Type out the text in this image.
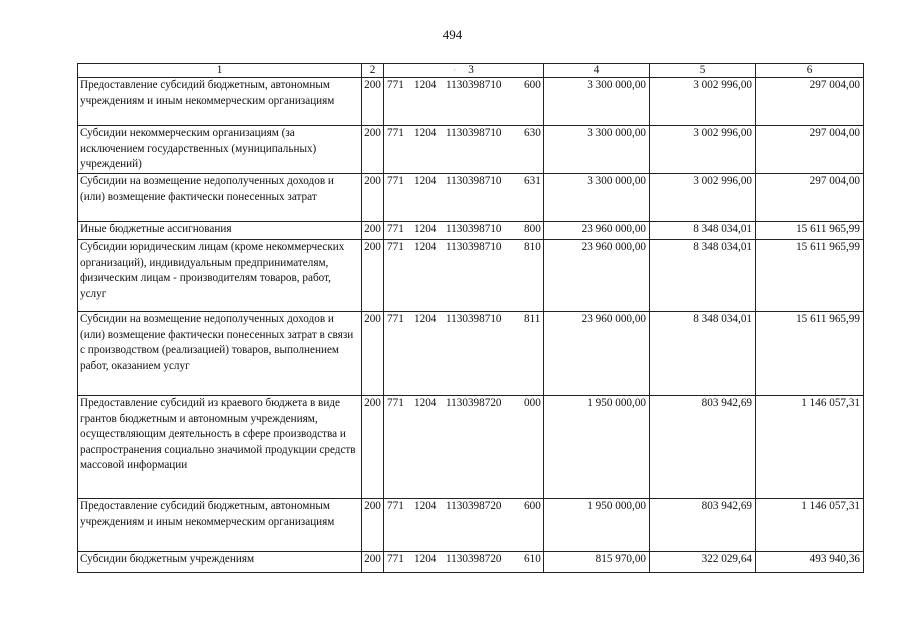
494
1	2	· 3	4	5	6
Предоставление субсидий бюджетным, автономным учреждениям и иным некоммерческим организациям	200	771 1204 1130398710 600	3 300 000,00	3 002 996,00	297 004,00
Субсидии некоммерческим организациям (за исключением государственных (муниципальных) учреждений)	200	771 1204 1130398710 630	3 300 000,00	3 002 996,00	297 004,00
Субсидии на возмещение недополученных доходов и (или) возмещение фактически понесенных затрат	200	771 1204 1130398710 631	3 300 000,00	3 002 996,00	297 004,00
Иные бюджетные ассигнования	200	771 1204 1130398710 800	23 960 000,00	8 348 034,01	15 611 965,99
Субсидии юридическим лицам (кроме некоммерческих организаций), индивидуальным предпринимателям, физическим лицам - производителям товаров, работ, услуг	200	771 1204 1130398710 810	23 960 000,00	8 348 034,01	15 611 965,99
Субсидии на возмещение недополученных доходов и (или) возмещение фактически понесенных затрат в связи с производством (реализацией) товаров, выполнением работ, оказанием услуг	200	771 1204 1130398710 811	23 960 000,00	8 348 034,01	15 611 965,99
Предоставление субсидий из краевого бюджета в виде грантов бюджетным и автономным учреждениям, осуществляющим деятельность в сфере производства и распространения социально значимой продукции средств массовой информации	200	771 1204 1130398720 000	1 950 000,00	803 942,69	1 146 057,31
Предоставление субсидий бюджетным, автономным учреждениям и иным некоммерческим организациям	200	771 1204 1130398720 600	1 950 000,00	803 942,69	1 146 057,31
Субсидии бюджетным учреждениям	200	771 1204 1130398720 610	815 970,00	322 029,64	493 940,36
